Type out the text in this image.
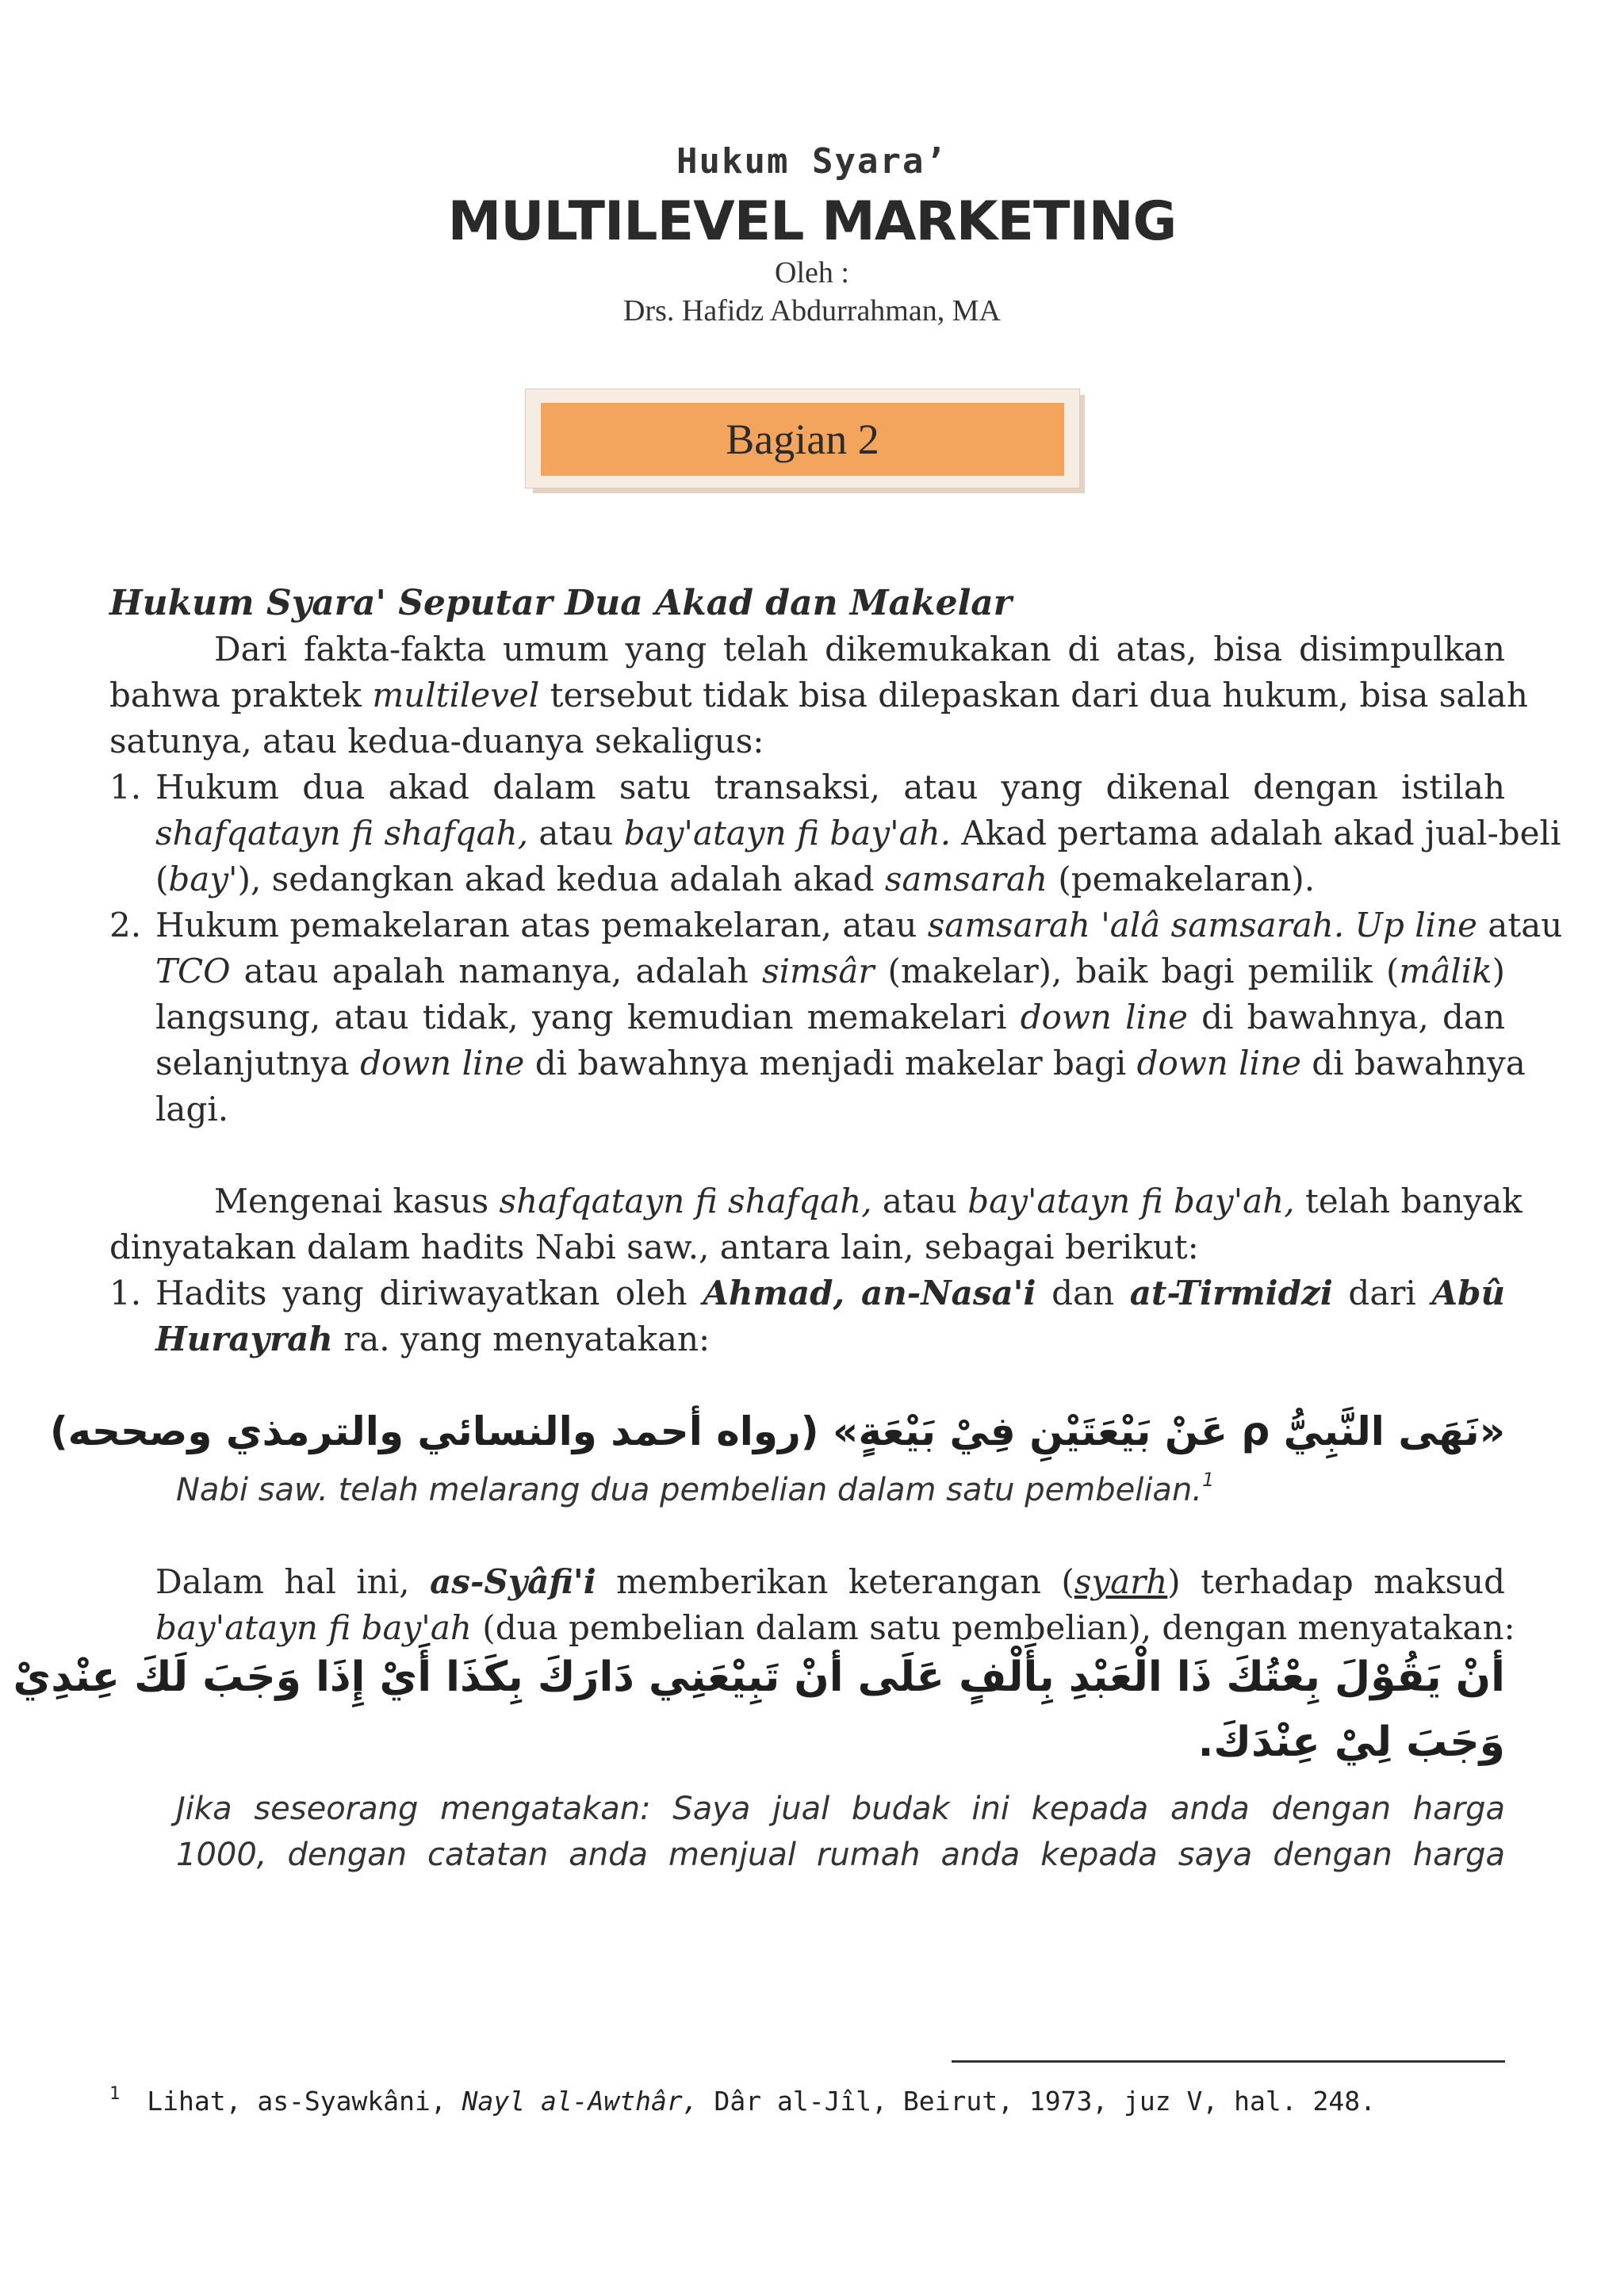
Hukum Syara’
MULTILEVEL MARKETING
Oleh :
Drs. Hafidz Abdurrahman, MA
Bagian 2
Hukum Syara' Seputar Dua Akad dan Makelar
Dari fakta-fakta umum yang telah dikemukakan di atas, bisa disimpulkan
bahwa praktek multilevel tersebut tidak bisa dilepaskan dari dua hukum, bisa salah
satunya, atau kedua-duanya sekaligus:
1. Hukum dua akad dalam satu transaksi, atau yang dikenal dengan istilah
shafqatayn fi shafqah, atau bay'atayn fi bay'ah. Akad pertama adalah akad jual-beli
(bay'), sedangkan akad kedua adalah akad samsarah (pemakelaran).
2. Hukum pemakelaran atas pemakelaran, atau samsarah 'alâ samsarah. Up line atau
TCO atau apalah namanya, adalah simsâr (makelar), baik bagi pemilik (mâlik)
langsung, atau tidak, yang kemudian memakelari down line di bawahnya, dan
selanjutnya down line di bawahnya menjadi makelar bagi down line di bawahnya
lagi.
Mengenai kasus shafqatayn fi shafqah, atau bay'atayn fi bay'ah, telah banyak
dinyatakan dalam hadits Nabi saw., antara lain, sebagai berikut:
1. Hadits yang diriwayatkan oleh Ahmad, an-Nasa'i dan at-Tirmidzi dari Abû
Hurayrah ra. yang menyatakan:
«نَهَى النَّبِيُّ ρ عَنْ بَيْعَتَيْنِ فِيْ بَيْعَةٍ» (رواه أحمد والنسائي والترمذي وصححه)
Nabi saw. telah melarang dua pembelian dalam satu pembelian.$^1$
Dalam hal ini, as-Syâfi'i memberikan keterangan (syarh) terhadap maksud
bay'atayn fi bay'ah (dua pembelian dalam satu pembelian), dengan menyatakan:
أنْ يَقُوْلَ بِعْتُكَ ذَا الْعَبْدِ بِأَلْفٍ عَلَى أنْ تَبِيْعَنِي دَارَكَ بِكَذَا أَيْ إِذَا وَجَبَ لَكَ عِنْدِيْ
وَجَبَ لِيْ عِنْدَكَ.
Jika seseorang mengatakan: Saya jual budak ini kepada anda dengan harga
1000, dengan catatan anda menjual rumah anda kepada saya dengan harga
$^1$ Lihat, as-Syawkâni, Nayl al-Awthâr, Dâr al-Jîl, Beirut, 1973, juz V, hal. 248.
